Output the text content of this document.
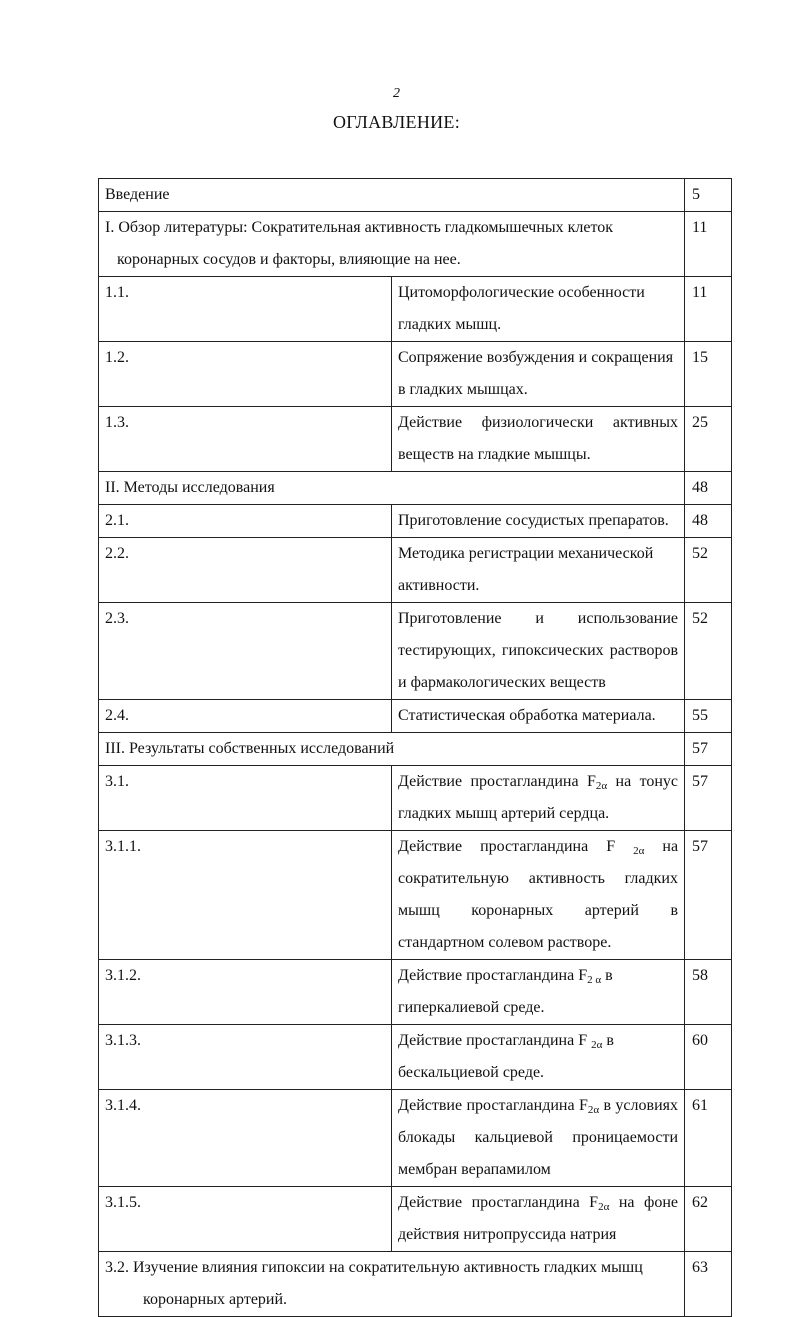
2
ОГЛАВЛЕНИЕ:
Введение		5
I. Обзор литературы: Сократительная активность гладкомышечных клеток коронарных сосудов и факторы, влияющие на нее.		11
1.1.	Цитоморфологические особенности гладких мышц.	11
1.2.	Сопряжение возбуждения и сокращения в гладких мышцах.	15
1.3.	Действие физиологически активных веществ на гладкие мышцы.	25
II. Методы исследования		48
2.1.	Приготовление сосудистых препаратов.	48
2.2.	Методика регистрации механической активности.	52
2.3.	Приготовление и использование тестирующих, гипоксических растворов и фармакологических веществ	52
2.4.	Статистическая обработка материала.	55
III. Результаты собственных исследований		57
3.1.	Действие простагландина $F_{2\alpha}$ на тонус гладких мышц артерий сердца.	57
3.1.1.	Действие простагландина F $_{2\alpha}$ на сократительную активность гладких мышц коронарных артерий в стандартном солевом растворе.	57
3.1.2.	Действие простагландина $F_{2 \alpha}$ в гиперкалиевой среде.	58
3.1.3.	Действие простагландина F $_{2\alpha}$ в бескальциевой среде.	60
3.1.4.	Действие простагландина $F_{2\alpha}$ в условиях блокады кальциевой проницаемости мембран верапамилом	61
3.1.5.	Действие простагландина $F_{2\alpha}$ на фоне действия нитропруссида натрия	62
3.2. Изучение влияния гипоксии на сократительную активность гладких мышц коронарных артерий.		63
